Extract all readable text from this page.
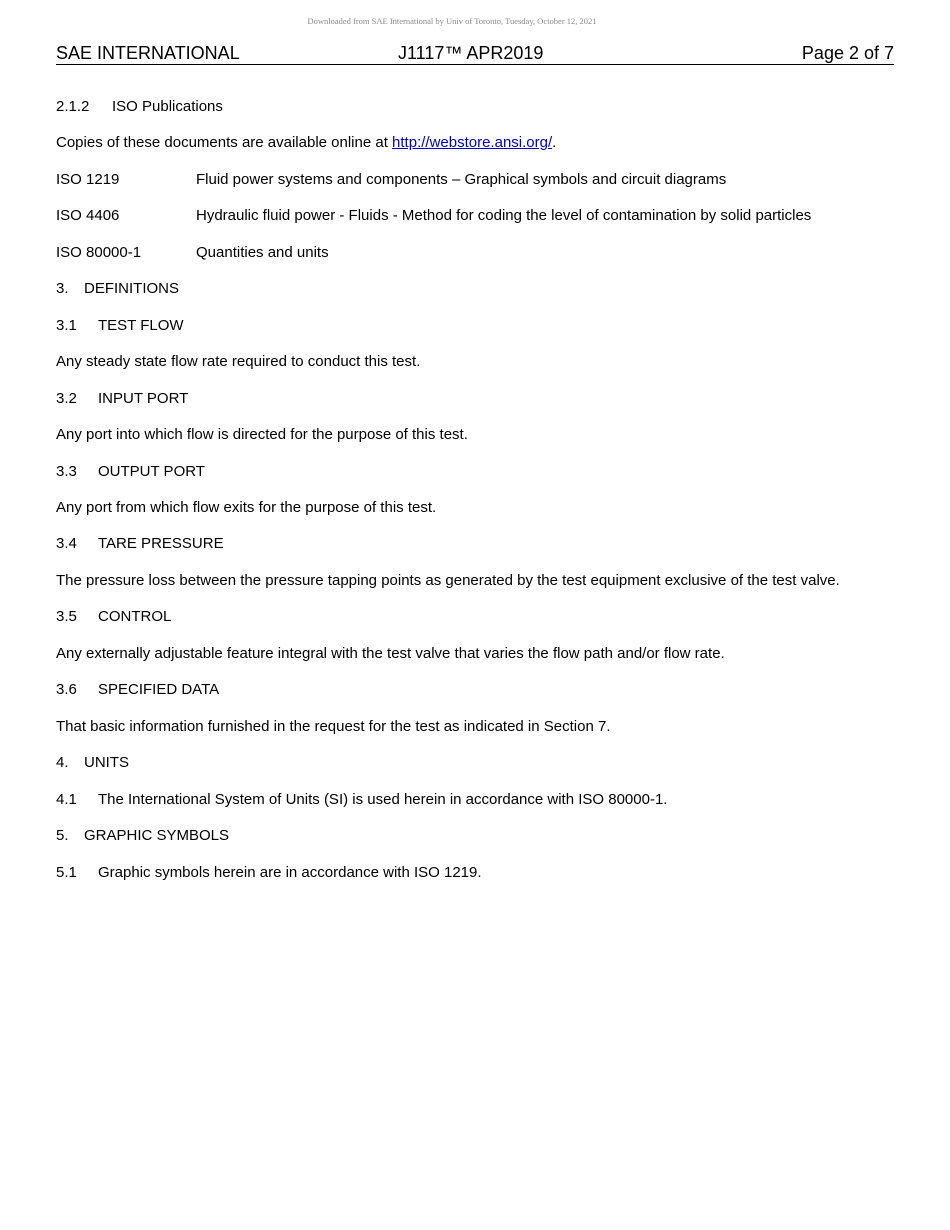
Downloaded from SAE International by Univ of Toronto, Tuesday, October 12, 2021
SAE INTERNATIONAL	J1117™ APR2019	Page 2 of 7
2.1.2 ISO Publications
Copies of these documents are available online at http://webstore.ansi.org/.
ISO 1219	Fluid power systems and components – Graphical symbols and circuit diagrams
ISO 4406	Hydraulic fluid power - Fluids - Method for coding the level of contamination by solid particles
ISO 80000-1	Quantities and units
3. DEFINITIONS
3.1 TEST FLOW
Any steady state flow rate required to conduct this test.
3.2 INPUT PORT
Any port into which flow is directed for the purpose of this test.
3.3 OUTPUT PORT
Any port from which flow exits for the purpose of this test.
3.4 TARE PRESSURE
The pressure loss between the pressure tapping points as generated by the test equipment exclusive of the test valve.
3.5 CONTROL
Any externally adjustable feature integral with the test valve that varies the flow path and/or flow rate.
3.6 SPECIFIED DATA
That basic information furnished in the request for the test as indicated in Section 7.
4. UNITS
4.1 The International System of Units (SI) is used herein in accordance with ISO 80000-1.
5. GRAPHIC SYMBOLS
5.1 Graphic symbols herein are in accordance with ISO 1219.
